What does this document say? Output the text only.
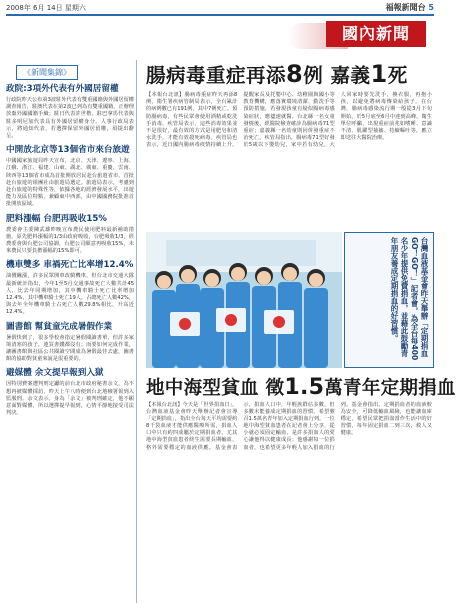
2008年 6月 14日 星期六	福報新聞台 5
國內新聞
《新聞集錦》
政院:3項外代表有外國居留權

行政院昨天公布第3波駐外代表有雙重國籍與外國居留權調查報告，駐澳代表在第2波已列為有雙重國籍，正辦理放棄外國國籍手續；駐日代表許世楷，駐巴拿馬代表與駐多明尼加代表具有外國居留權身分。人事行政局表示，將通知代表，若選擇保留外國居留權，須提出辭呈。

中開放北京等13個省市來台旅遊

中國國家旅遊局昨天宣布，北京、天津、遼寧、上海、江蘇、浙江、福建、山東、湖北、廣東、重慶、雲南、陝西等13個省市成為首批開放居民赴台旅遊省市，首批赴台旅遊的組團社由旅遊局選定。旅遊局表示，考慮到赴台旅遊的特殊性等，依據各地的經濟發展水平，出遊能力及區位特點，兼顧東中西部，由中國國務院批准首批開放區域。

肥料漲幅 台肥再吸收15%

農委會主委陳武雄昨晚宣布農民使用肥料最新補助措施，原先肥料漲幅的1/3由政府吸收，台肥吸收1/3，經農委會與台肥公司協調，台肥公司願意再吸收15%，未來農民只要負擔漲幅的15%即可。

機車雙多 車禍死亡比率增12.4%

油價飆漲，許多民眾開車改騎機車，但台北市交通大隊最新統計指出，今年1至5月交通事故死亡人數共計45人，比去年同期增加，其中機車騎士死亡比率增加12.4%，其中機車騎士死亡19人，占總死亡人數42%，與去年全年機車騎士占死亡人數29.8%相比，升高近12.4%。

圖書館 幫貧童完成暑假作業

暑假快到了，很多學校會指定暑假閱讀書單，但許多家境清寒的孩子，連買書錢都沒有；而要如何完成作業，讓圖書館與社區公共閱讀空間成為暑假最佳去處，圖書館的協助對貧童來說是很重要的。

避媒體 余文提早報到入獄

因特別費案遭判刑定讞的前台北市政府秘書余文，為不想再被媒體採訪，昨天上午八時便到台北地檢署報到入監服刑。余文表示，身為「余文」被判刑確定，他不願意面對媒體，所以選擇提早報到，心情平靜地接受司法判決。

腸病毒重症再添8例 嘉義1死
【本報台北訊】腸病毒重症昨天再添8例，衛生署疾病管制局表示，全台累計的病例數已有191例，其中7例死亡。預防腸病毒，有些民眾會使用酒精或乾洗手消毒，疾管局表示，這些消毒效果並不是很好，最有效的方式是用肥皂和清水洗手，才能有效殺死病毒。疾管局也表示，近日國內腸病毒疫情持續上升，提醒家長及托嬰中心、幼稚園與國小等教育機構，應落實環境清潔、勤洗手等預防措施，若發現孩童有疑似腸病毒感染症狀，應儘速就醫。台北縣一名女童發燒後，經醫院檢查確診為腸病毒71型重症；嘉義縣一名幼童則因併發重症不治死亡。疾管局指出，腸病毒71型好發於5歲以下嬰幼兒，家中若有幼兒，大人回家時要先洗手、換衣服，再抱小孩，以避免將病毒傳染給孩子。在台灣，腸病毒感染流行期一般從3月下旬開始，於5月底至6月中達到高峰。衛生單位呼籲，出現重症前兆如嗜睡、意識不清、肌躍型抽搐、持續嘔吐等，應立即送往大醫院治療。
台灣血液基金會昨天舉辦「定期捐血GO！GO！」記者會，為全台每400名少年提供免費捐血，並藉此鼓勵青年朋友養成定期捐血的好習慣。
地中海型貧血 徵1.5萬青年定期捐血
【本報台北訊】今天是「世界捐血日」，台灣血液基金會昨天舉辦記者會宣導「定期捐血」，指出全台每天平均需要約8千袋血液才能供應醫療所需，捐血人口中只有約四成屬於定期捐血者，尤其地中海型貧血患者終生需要長期輸血，格外需要穩定的血液供應。基金會表示，捐血人口中，年輕族群佔多數，但多數未能養成定期捐血的習慣，希望號召1.5萬名青年加入定期捐血行列。一位地中海型貧血患者在記者會上分享，從小就必須固定輸血，是許多捐血人的愛心讓他得以健康成長；他感謝每一位捐血者，也希望更多年輕人加入捐血的行列。基金會指出，定期捐血者的血液較為安全，可降低輸血風險，也能讓血庫穩定，希望民眾把捐血當作生活中的好習慣，每年固定捐血二到三次，救人又健康。
